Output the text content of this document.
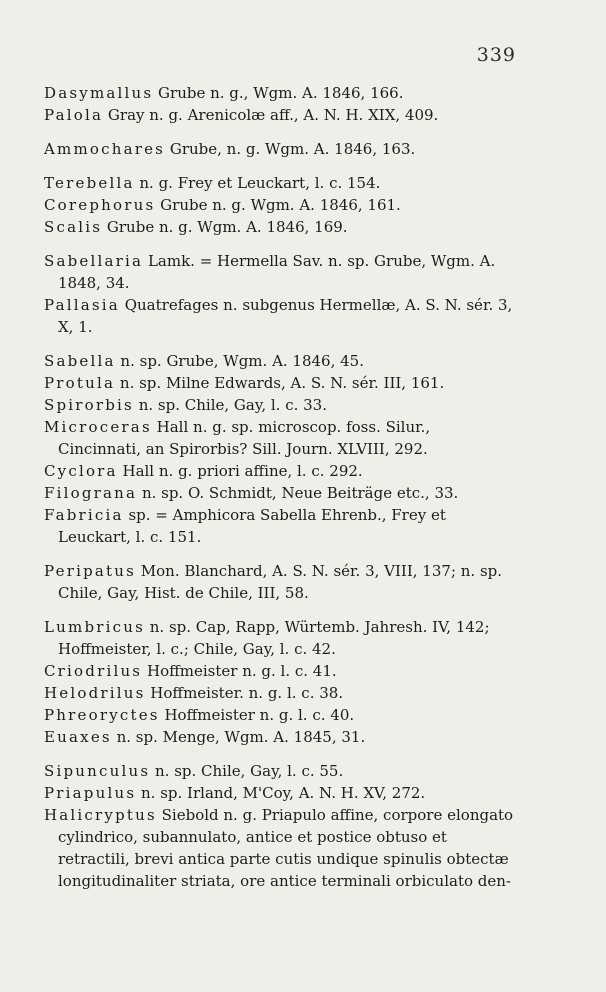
339

Dasymallus Grube n. g., Wgm. A. 1846, 166.

Palola Gray n. g. Arenicolæ aff., A. N. H. XIX, 409.

Ammochares Grube, n. g. Wgm. A. 1846, 163.

Terebella n. g. Frey et Leuckart, l. c. 154.

Corephorus Grube n. g. Wgm. A. 1846, 161.

Scalis Grube n. g. Wgm. A. 1846, 169.

Sabellaria Lamk. = Hermella Sav. n. sp. Grube, Wgm. A. 1848, 34.

Pallasia Quatrefages n. subgenus Hermellæ, A. S. N. sér. 3, X, 1.

Sabella n. sp. Grube, Wgm. A. 1846, 45.

Protula n. sp. Milne Edwards, A. S. N. sér. III, 161.

Spirorbis n. sp. Chile, Gay, l. c. 33.

Microceras Hall n. g. sp. microscop. foss. Silur., Cincinnati, an Spirorbis? Sill. Journ. XLVIII, 292.

Cyclora Hall n. g. priori affine, l. c. 292.

Filograna n. sp. O. Schmidt, Neue Beiträge etc., 33.

Fabricia sp. = Amphicora Sabella Ehrenb., Frey et Leuckart, l. c. 151.

Peripatus Mon. Blanchard, A. S. N. sér. 3, VIII, 137; n. sp. Chile, Gay, Hist. de Chile, III, 58.

Lumbricus n. sp. Cap, Rapp, Würtemb. Jahresh. IV, 142; Hoffmeister, l. c.; Chile, Gay, l. c. 42.

Criodrilus Hoffmeister n. g. l. c. 41.

Helodrilus Hoffmeister. n. g. l. c. 38.

Phreoryctes Hoffmeister n. g. l. c. 40.

Euaxes n. sp. Menge, Wgm. A. 1845, 31.

Sipunculus n. sp. Chile, Gay, l. c. 55.

Priapulus n. sp. Irland, M'Coy, A. N. H. XV, 272.

Halicryptus Siebold n. g. Priapulo affine, corpore elongato cylindrico, subannulato, antice et postice obtuso et retractili, brevi antica parte cutis undique spinulis obtectæ longitudinaliter striata, ore antice terminali orbiculato den-
